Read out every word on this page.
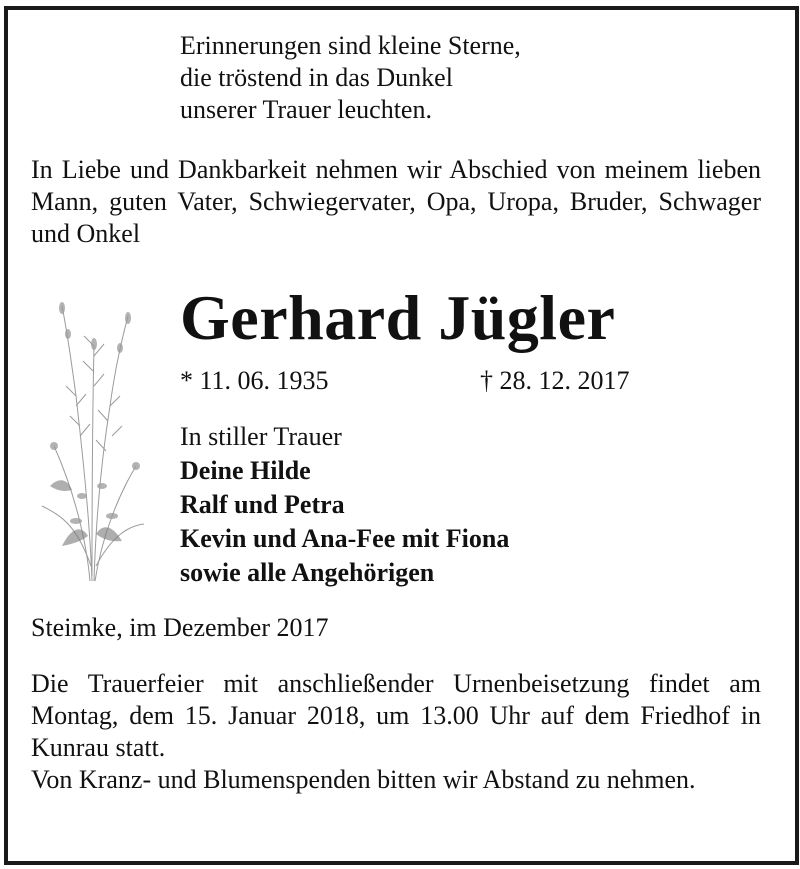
Erinnerungen sind kleine Sterne,
die tröstend in das Dunkel
unserer Trauer leuchten.
In Liebe und Dankbarkeit nehmen wir Abschied von meinem lieben Mann, guten Vater, Schwiegervater, Opa, Uropa, Bruder, Schwager und Onkel
Gerhard Jügler
* 11. 06. 1935	† 28. 12. 2017
In stiller Trauer
Deine Hilde
Ralf und Petra
Kevin und Ana-Fee mit Fiona
sowie alle Angehörigen
Steimke, im Dezember 2017
Die Trauerfeier mit anschließender Urnenbeisetzung findet am Montag, dem 15. Januar 2018, um 13.00 Uhr auf dem Friedhof in Kunrau statt.
Von Kranz- und Blumenspenden bitten wir Abstand zu nehmen.
